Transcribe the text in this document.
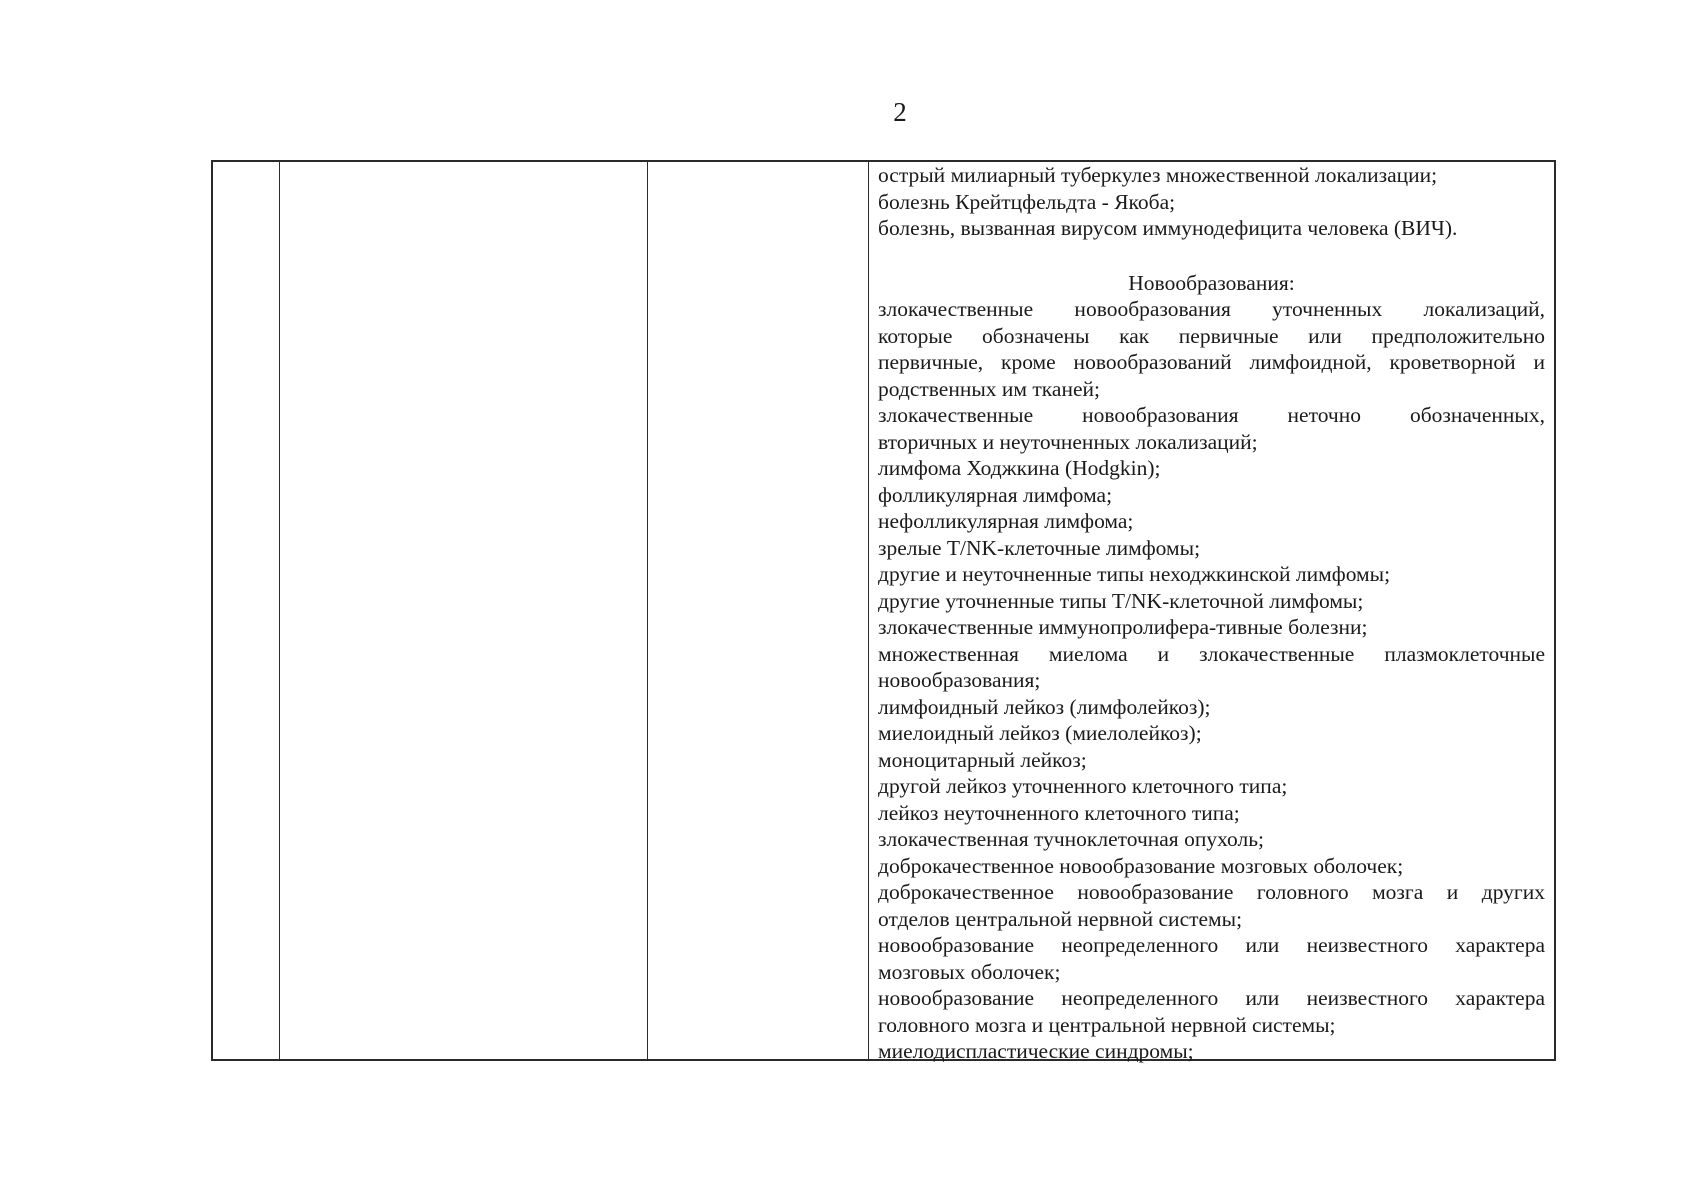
2
острый милиарный туберкулез множественной локализации;
болезнь Крейтцфельдта - Якоба;
болезнь, вызванная вирусом иммунодефицита человека (ВИЧ).
Новообразования:
злокачественные новообразования уточненных локализаций,
которые обозначены как первичные или предположительно
первичные, кроме новообразований лимфоидной, кроветворной и
родственных им тканей;
злокачественные новообразования неточно обозначенных,
вторичных и неуточненных локализаций;
лимфома Ходжкина (Hodgkin);
фолликулярная лимфома;
нефолликулярная лимфома;
зрелые T/NK-клеточные лимфомы;
другие и неуточненные типы неходжкинской лимфомы;
другие уточненные типы T/NK-клеточной лимфомы;
злокачественные иммунопролифера-тивные болезни;
множественная миелома и злокачественные плазмоклеточные
новообразования;
лимфоидный лейкоз (лимфолейкоз);
миелоидный лейкоз (миелолейкоз);
моноцитарный лейкоз;
другой лейкоз уточненного клеточного типа;
лейкоз неуточненного клеточного типа;
злокачественная тучноклеточная опухоль;
доброкачественное новообразование мозговых оболочек;
доброкачественное новообразование головного мозга и других
отделов центральной нервной системы;
новообразование неопределенного или неизвестного характера
мозговых оболочек;
новообразование неопределенного или неизвестного характера
головного мозга и центральной нервной системы;
миелодиспластические синдромы;
